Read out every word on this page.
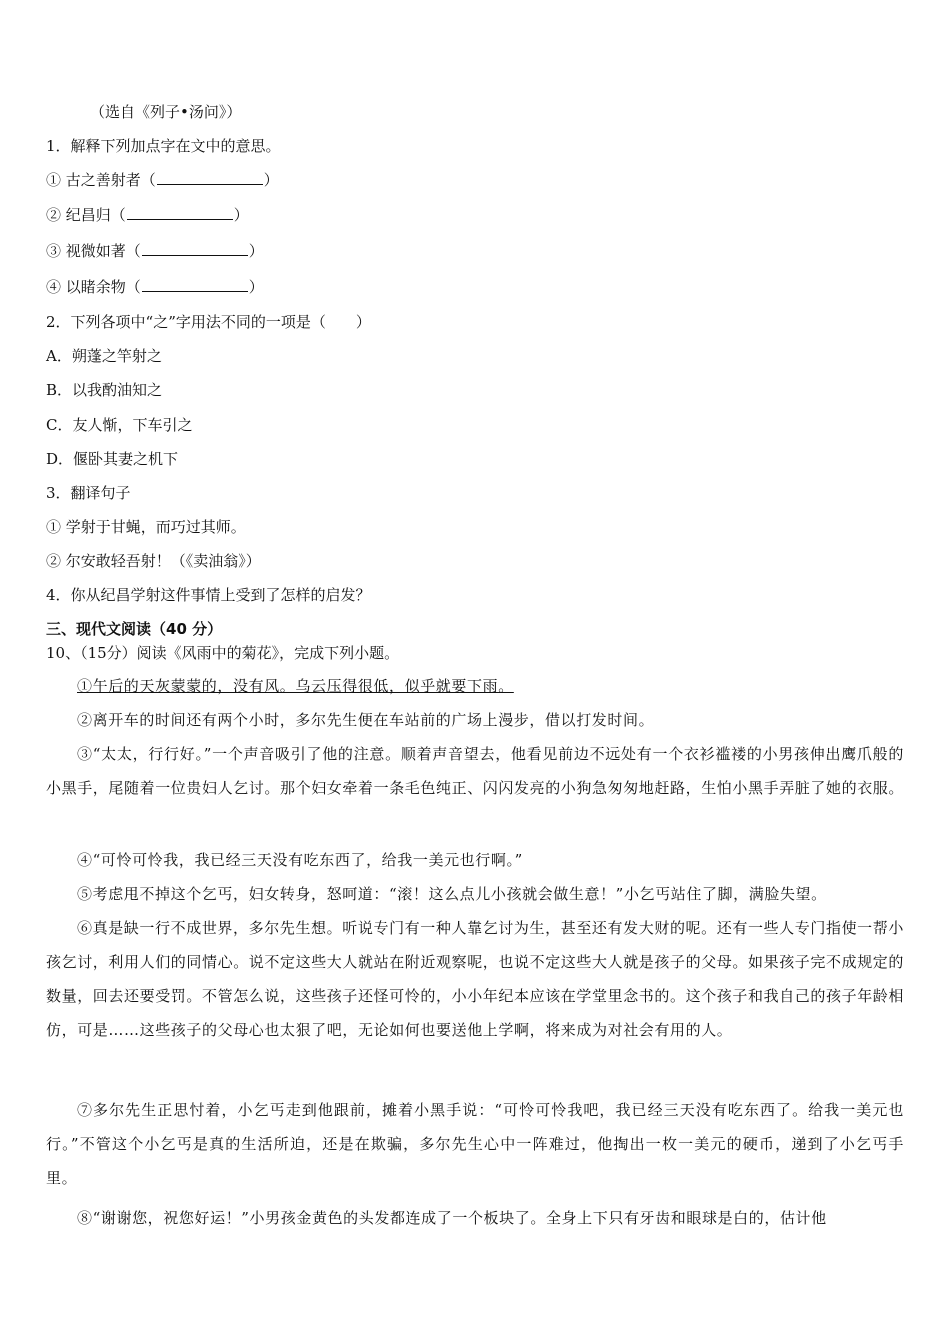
（选自《列子•汤问》）
1．解释下列加点字在文中的意思。
① 古之善射者（	）
② 纪昌归（	）
③ 视微如著（	）
④ 以睹余物（	）
2．下列各项中“之”字用法不同的一项是（　　）
A．朔蓬之竿射之
B．以我酌油知之
C．友人惭，下车引之
D．偃卧其妻之机下
3．翻译句子
① 学射于甘蝇，而巧过其师。
② 尔安敢轻吾射！（《卖油翁》）
4．你从纪昌学射这件事情上受到了怎样的启发？
三、现代文阅读（40 分）
10、（15分）阅读《风雨中的菊花》，完成下列小题。
①午后的天灰蒙蒙的，没有风。乌云压得很低，似乎就要下雨。
②离开车的时间还有两个小时，多尔先生便在车站前的广场上漫步，借以打发时间。
③“太太，行行好。”一个声音吸引了他的注意。顺着声音望去，他看见前边不远处有一个衣衫褴褛的小男孩伸出鹰爪般的小黑手，尾随着一位贵妇人乞讨。那个妇女牵着一条毛色纯正、闪闪发亮的小狗急匆匆地赶路，生怕小黑手弄脏了她的衣服。
④“可怜可怜我，我已经三天没有吃东西了，给我一美元也行啊。”
⑤考虑甩不掉这个乞丐，妇女转身，怒呵道：“滚！这么点儿小孩就会做生意！”小乞丐站住了脚，满脸失望。
⑥真是缺一行不成世界，多尔先生想。听说专门有一种人靠乞讨为生，甚至还有发大财的呢。还有一些人专门指使一帮小孩乞讨，利用人们的同情心。说不定这些大人就站在附近观察呢，也说不定这些大人就是孩子的父母。如果孩子完不成规定的数量，回去还要受罚。不管怎么说，这些孩子还怪可怜的，小小年纪本应该在学堂里念书的。这个孩子和我自己的孩子年龄相仿，可是……这些孩子的父母心也太狠了吧，无论如何也要送他上学啊，将来成为对社会有用的人。
⑦多尔先生正思忖着，小乞丐走到他跟前，摊着小黑手说：“可怜可怜我吧，我已经三天没有吃东西了。给我一美元也行。”不管这个小乞丐是真的生活所迫，还是在欺骗，多尔先生心中一阵难过，他掏出一枚一美元的硬币，递到了小乞丐手里。
⑧“谢谢您，祝您好运！”小男孩金黄色的头发都连成了一个板块了。全身上下只有牙齿和眼球是白的，估计他
